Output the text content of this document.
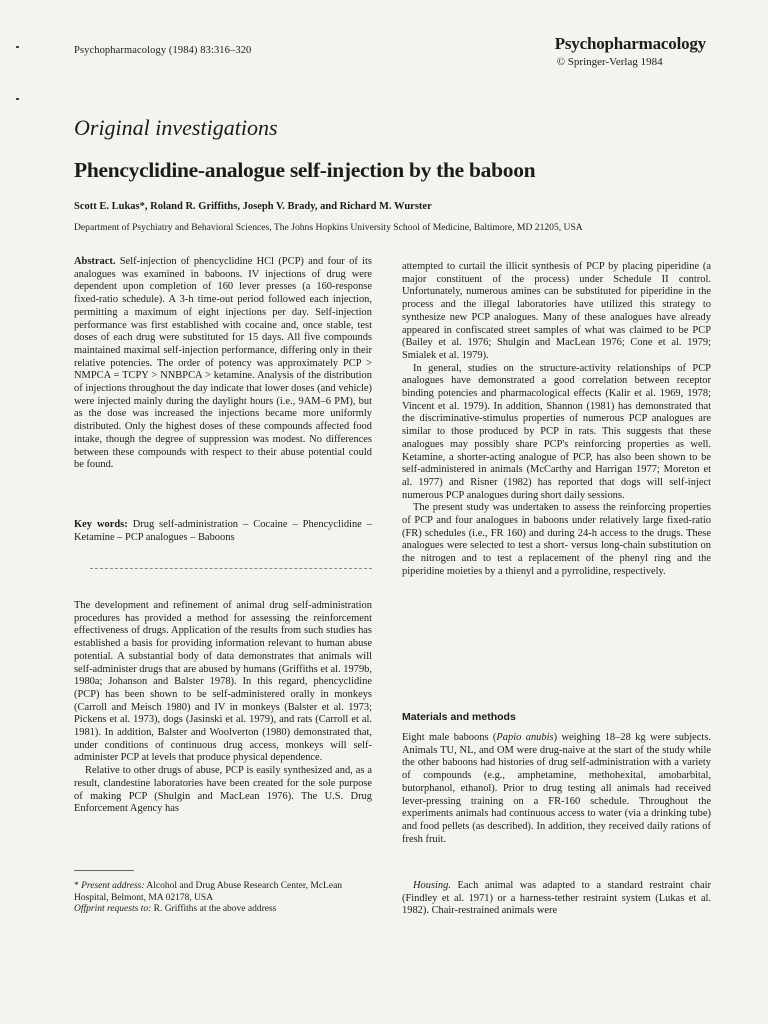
Psychopharmacology (1984) 83:316–320	Psychopharmacology
© Springer-Verlag 1984
Original investigations
Phencyclidine-analogue self-injection by the baboon
Scott E. Lukas*, Roland R. Griffiths, Joseph V. Brady, and Richard M. Wurster
Department of Psychiatry and Behavioral Sciences, The Johns Hopkins University School of Medicine, Baltimore, MD 21205, USA

Abstract. Self-injection of phencyclidine HCl (PCP) and four of its analogues was examined in baboons. IV injections of drug were dependent upon completion of 160 lever presses (a 160-response fixed-ratio schedule). A 3-h time-out period followed each injection, permitting a maximum of eight injections per day. Self-injection performance was first established with cocaine and, once stable, test doses of each drug were substituted for 15 days. All five compounds maintained maximal self-injection performance, differing only in their relative potencies. The order of potency was approximately PCP > NMPCA = TCPY > NNBPCA > ketamine. Analysis of the distribution of injections throughout the day indicate that lower doses (and vehicle) were injected mainly during the daylight hours (i.e., 9AM–6 PM), but as the dose was increased the injections became more uniformly distributed. Only the highest doses of these compounds affected food intake, though the degree of suppression was modest. No differences between these compounds with respect to their abuse potential could be found.

Key words: Drug self-administration – Cocaine – Phencyclidine – Ketamine – PCP analogues – Baboons

The development and refinement of animal drug self-administration procedures has provided a method for assessing the reinforcement effectiveness of drugs. Application of the results from such studies has established a basis for providing information relevant to human abuse potential. A substantial body of data demonstrates that animals will self-administer drugs that are abused by humans (Griffiths et al. 1979b, 1980a; Johanson and Balster 1978). In this regard, phencyclidine (PCP) has been shown to be self-administered orally in monkeys (Carroll and Meisch 1980) and IV in monkeys (Balster et al. 1973; Pickens et al. 1973), dogs (Jasinski et al. 1979), and rats (Carroll et al. 1981). In addition, Balster and Woolverton (1980) demonstrated that, under conditions of continuous drug access, monkeys will self-administer PCP at levels that produce physical dependence.

Relative to other drugs of abuse, PCP is easily synthesized and, as a result, clandestine laboratories have been created for the sole purpose of making PCP (Shulgin and MacLean 1976). The U.S. Drug Enforcement Agency has

* Present address: Alcohol and Drug Abuse Research Center, McLean Hospital, Belmont, MA 02178, USA

Offprint requests to: R. Griffiths at the above address

attempted to curtail the illicit synthesis of PCP by placing piperidine (a major constituent of the process) under Schedule II control. Unfortunately, numerous amines can be substituted for piperidine in the process and the illegal laboratories have utilized this strategy to synthesize new PCP analogues. Many of these analogues have already appeared in confiscated street samples of what was claimed to be PCP (Bailey et al. 1976; Shulgin and MacLean 1976; Cone et al. 1979; Smialek et al. 1979).

In general, studies on the structure-activity relationships of PCP analogues have demonstrated a good correlation between receptor binding potencies and pharmacological effects (Kalir et al. 1969, 1978; Vincent et al. 1979). In addition, Shannon (1981) has demonstrated that the discriminative-stimulus properties of numerous PCP analogues are similar to those produced by PCP in rats. This suggests that these analogues may possibly share PCP's reinforcing properties as well. Ketamine, a shorter-acting analogue of PCP, has also been shown to be self-administered in animals (McCarthy and Harrigan 1977; Moreton et al. 1977) and Risner (1982) has reported that dogs will self-inject numerous PCP analogues during short daily sessions.

The present study was undertaken to assess the reinforcing properties of PCP and four analogues in baboons under relatively large fixed-ratio (FR) schedules (i.e., FR 160) and during 24-h access to the drugs. These analogues were selected to test a short- versus long-chain substitution on the nitrogen and to test a replacement of the phenyl ring and the piperidine moieties by a thienyl and a pyrrolidine, respectively.

Materials and methods

Eight male baboons (Papio anubis) weighing 18–28 kg were subjects. Animals TU, NL, and OM were drug-naive at the start of the study while the other baboons had histories of drug self-administration with a variety of compounds (e.g., amphetamine, methohexital, amobarbital, butorphanol, ethanol). Prior to drug testing all animals had received lever-pressing training on a FR-160 schedule. Throughout the experiments animals had continuous access to water (via a drinking tube) and food pellets (as described). In addition, they received daily rations of fresh fruit.

Housing. Each animal was adapted to a standard restraint chair (Findley et al. 1971) or a harness-tether restraint system (Lukas et al. 1982). Chair-restrained animals were
